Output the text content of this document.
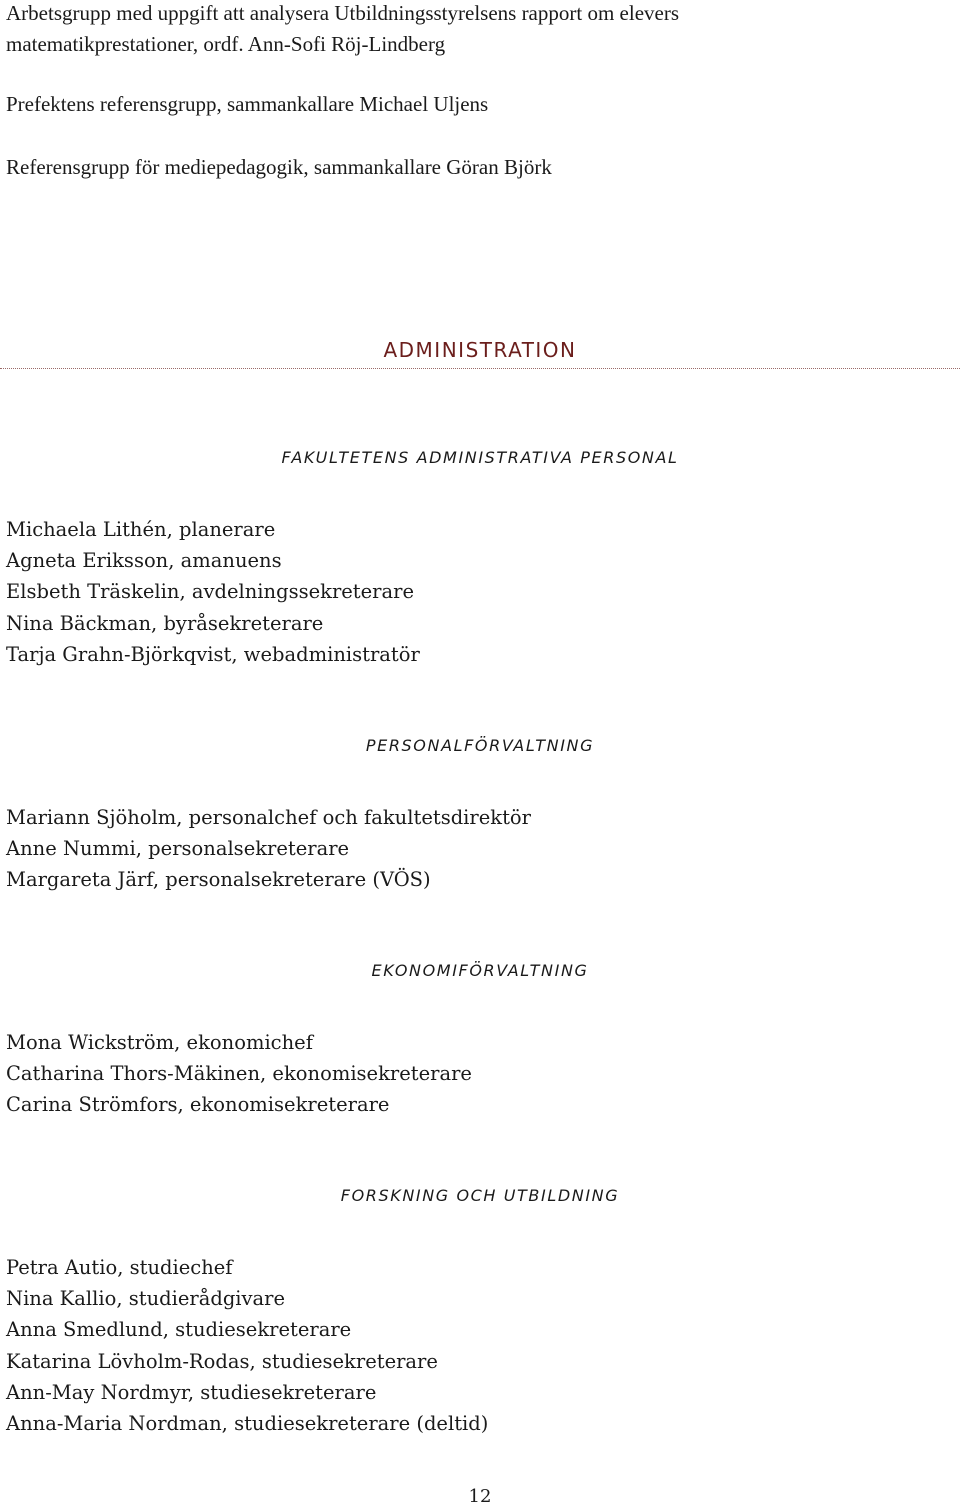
Arbetsgrupp med uppgift att analysera Utbildningsstyrelsens rapport om elevers
matematikprestationer, ordf. Ann-Sofi Röj-Lindberg

Prefektens referensgrupp, sammankallare Michael Uljens

Referensgrupp för mediepedagogik, sammankallare Göran Björk

ADMINISTRATION
FAKULTETENS ADMINISTRATIVA PERSONAL
Michaela Lithén, planerare
Agneta Eriksson, amanuens
Elsbeth Träskelin, avdelningssekreterare
Nina Bäckman, byråsekreterare
Tarja Grahn-Björkqvist, webadministratör
PERSONALFÖRVALTNING
Mariann Sjöholm, personalchef och fakultetsdirektör
Anne Nummi, personalsekreterare
Margareta Järf, personalsekreterare (VÖS)
EKONOMIFÖRVALTNING
Mona Wickström, ekonomichef
Catharina Thors-Mäkinen, ekonomisekreterare
Carina Strömfors, ekonomisekreterare
FORSKNING OCH UTBILDNING
Petra Autio, studiechef
Nina Kallio, studierådgivare
Anna Smedlund, studiesekreterare
Katarina Lövholm-Rodas, studiesekreterare
Ann-May Nordmyr, studiesekreterare
Anna-Maria Nordman, studiesekreterare (deltid)
12
